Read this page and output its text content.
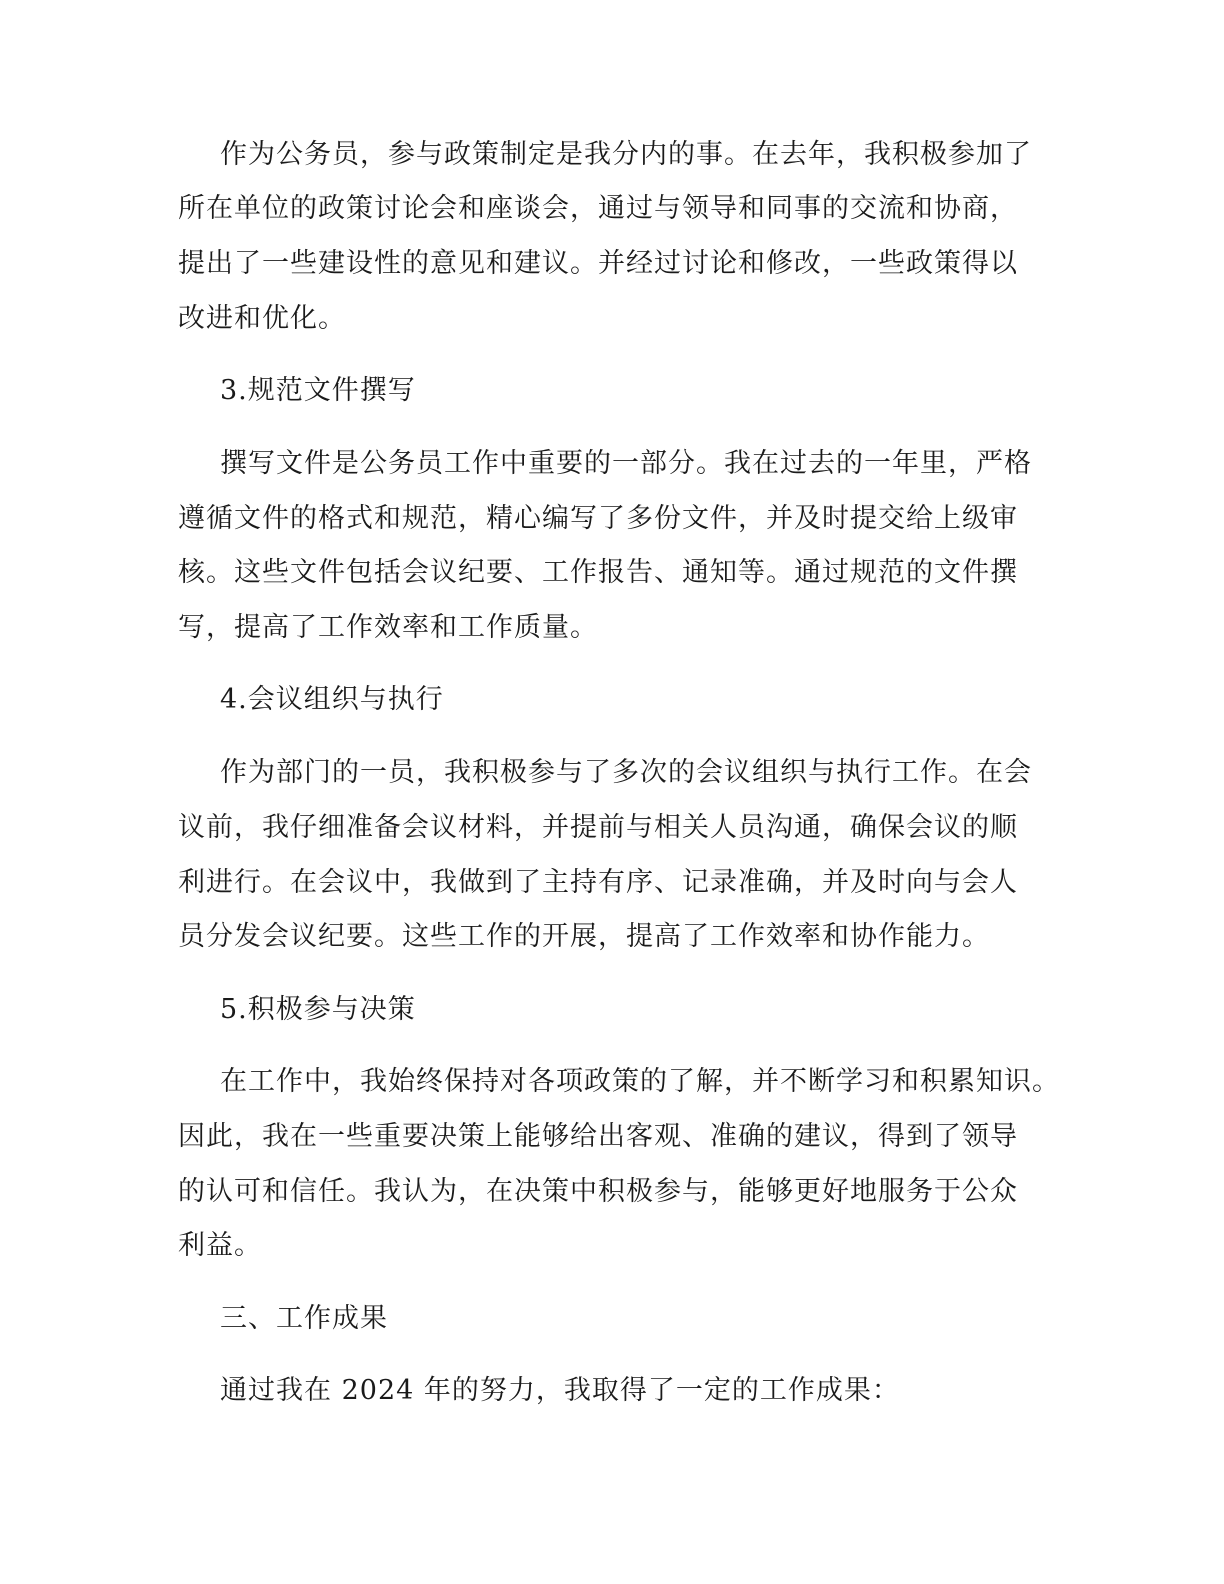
作为公务员，参与政策制定是我分内的事。在去年，我积极参加了
所在单位的政策讨论会和座谈会，通过与领导和同事的交流和协商，
提出了一些建设性的意见和建议。并经过讨论和修改，一些政策得以
改进和优化。
3.规范文件撰写
撰写文件是公务员工作中重要的一部分。我在过去的一年里，严格
遵循文件的格式和规范，精心编写了多份文件，并及时提交给上级审
核。这些文件包括会议纪要、工作报告、通知等。通过规范的文件撰
写，提高了工作效率和工作质量。
4.会议组织与执行
作为部门的一员，我积极参与了多次的会议组织与执行工作。在会
议前，我仔细准备会议材料，并提前与相关人员沟通，确保会议的顺
利进行。在会议中，我做到了主持有序、记录准确，并及时向与会人
员分发会议纪要。这些工作的开展，提高了工作效率和协作能力。
5.积极参与决策
在工作中，我始终保持对各项政策的了解，并不断学习和积累知识。
因此，我在一些重要决策上能够给出客观、准确的建议，得到了领导
的认可和信任。我认为，在决策中积极参与，能够更好地服务于公众
利益。
三、工作成果
通过我在 2024 年的努力，我取得了一定的工作成果：
